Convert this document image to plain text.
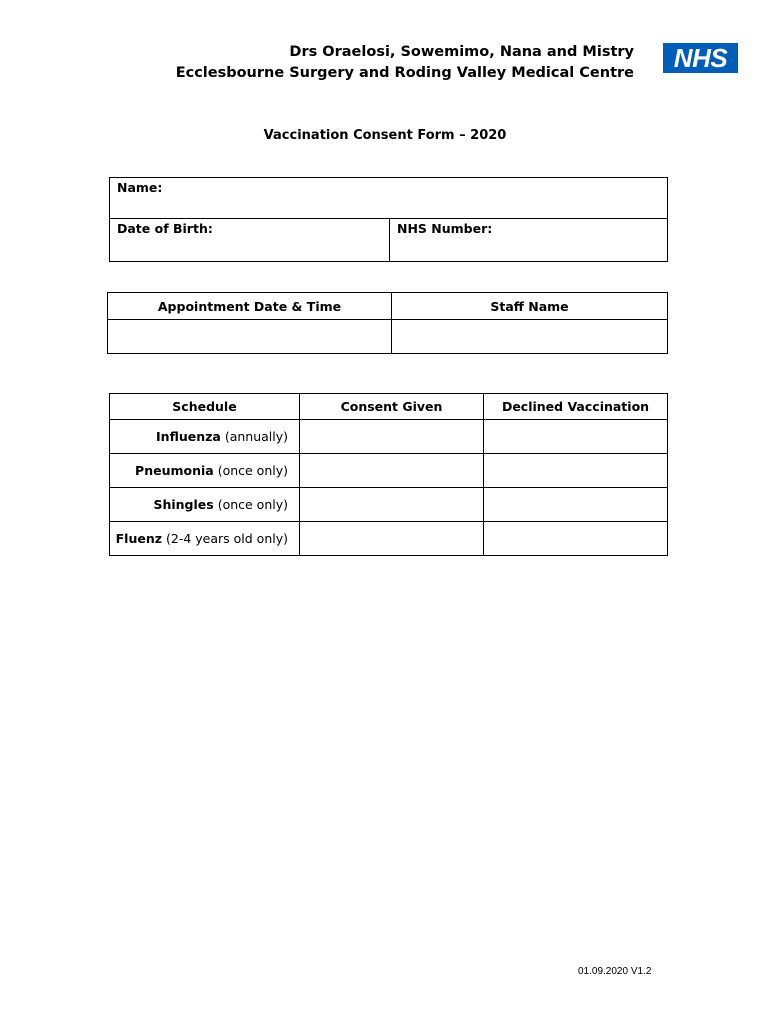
Drs Oraelosi, Sowemimo, Nana and Mistry
Ecclesbourne Surgery and Roding Valley Medical Centre
NHS
Vaccination Consent Form – 2020
Name:
Date of Birth:	NHS Number:
Appointment Date & Time	Staff Name

Schedule	Consent Given	Declined Vaccination
Influenza (annually)		
Pneumonia (once only)		
Shingles (once only)		
Fluenz (2-4 years old only)		
01.09.2020 V1.2
